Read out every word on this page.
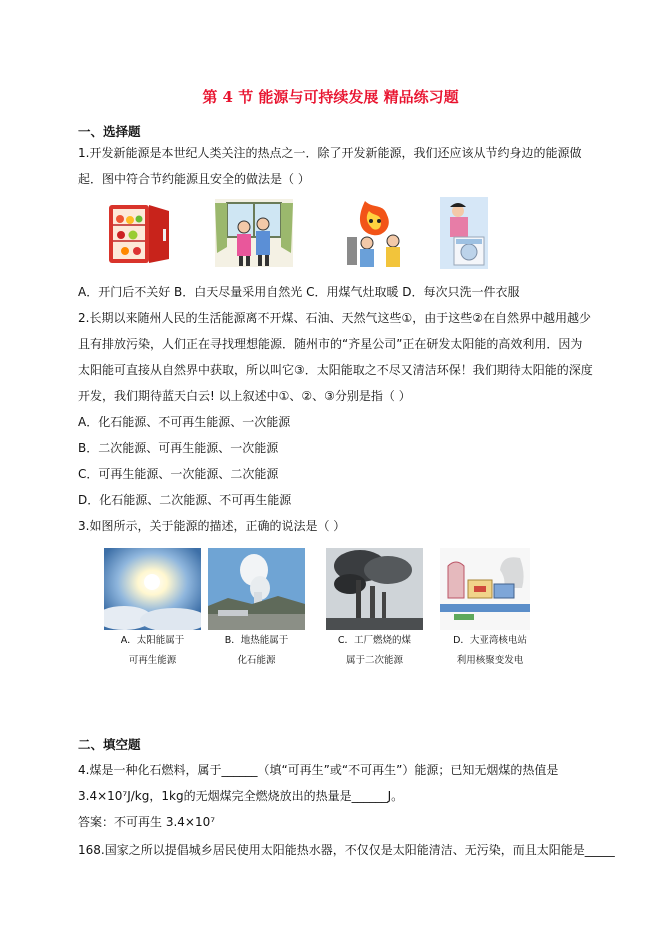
第 4 节 能源与可持续发展 精品练习题
一、选择题
1.开发新能源是本世纪人类关注的热点之一．除了开发新能源，我们还应该从节约身边的能源做
起．图中符合节约能源且安全的做法是（ ）
A．开门后不关好 B．白天尽量采用自然光 C．用煤气灶取暖 D．每次只洗一件衣服
2.长期以来随州人民的生活能源离不开煤、石油、天然气这些①，由于这些②在自然界中越用越少
且有排放污染，人们正在寻找理想能源．随州市的“齐星公司”正在研发太阳能的高效利用．因为
太阳能可直接从自然界中获取，所以叫它③．太阳能取之不尽又清洁环保！我们期待太阳能的深度
开发，我们期待蓝天白云! 以上叙述中①、②、③分别是指（ ）
A．化石能源、不可再生能源、一次能源
B．二次能源、可再生能源、一次能源
C．可再生能源、一次能源、二次能源
D．化石能源、二次能源、不可再生能源
3.如图所示，关于能源的描述，正确的说法是（ ）
A．太阳能属于
可再生能源
B．地热能属于
化石能源
C．工厂燃烧的煤
属于二次能源
D．大亚湾核电站
利用核聚变发电
二、填空题
4.煤是一种化石燃料，属于______（填“可再生”或“不可再生”）能源；已知无烟煤的热值是
3.4×10⁷J/kg，1kg的无烟煤完全燃烧放出的热量是______J。
答案：不可再生 3.4×10⁷
168.国家之所以提倡城乡居民使用太阳能热水器，不仅仅是太阳能清洁、无污染，而且太阳能是_____
